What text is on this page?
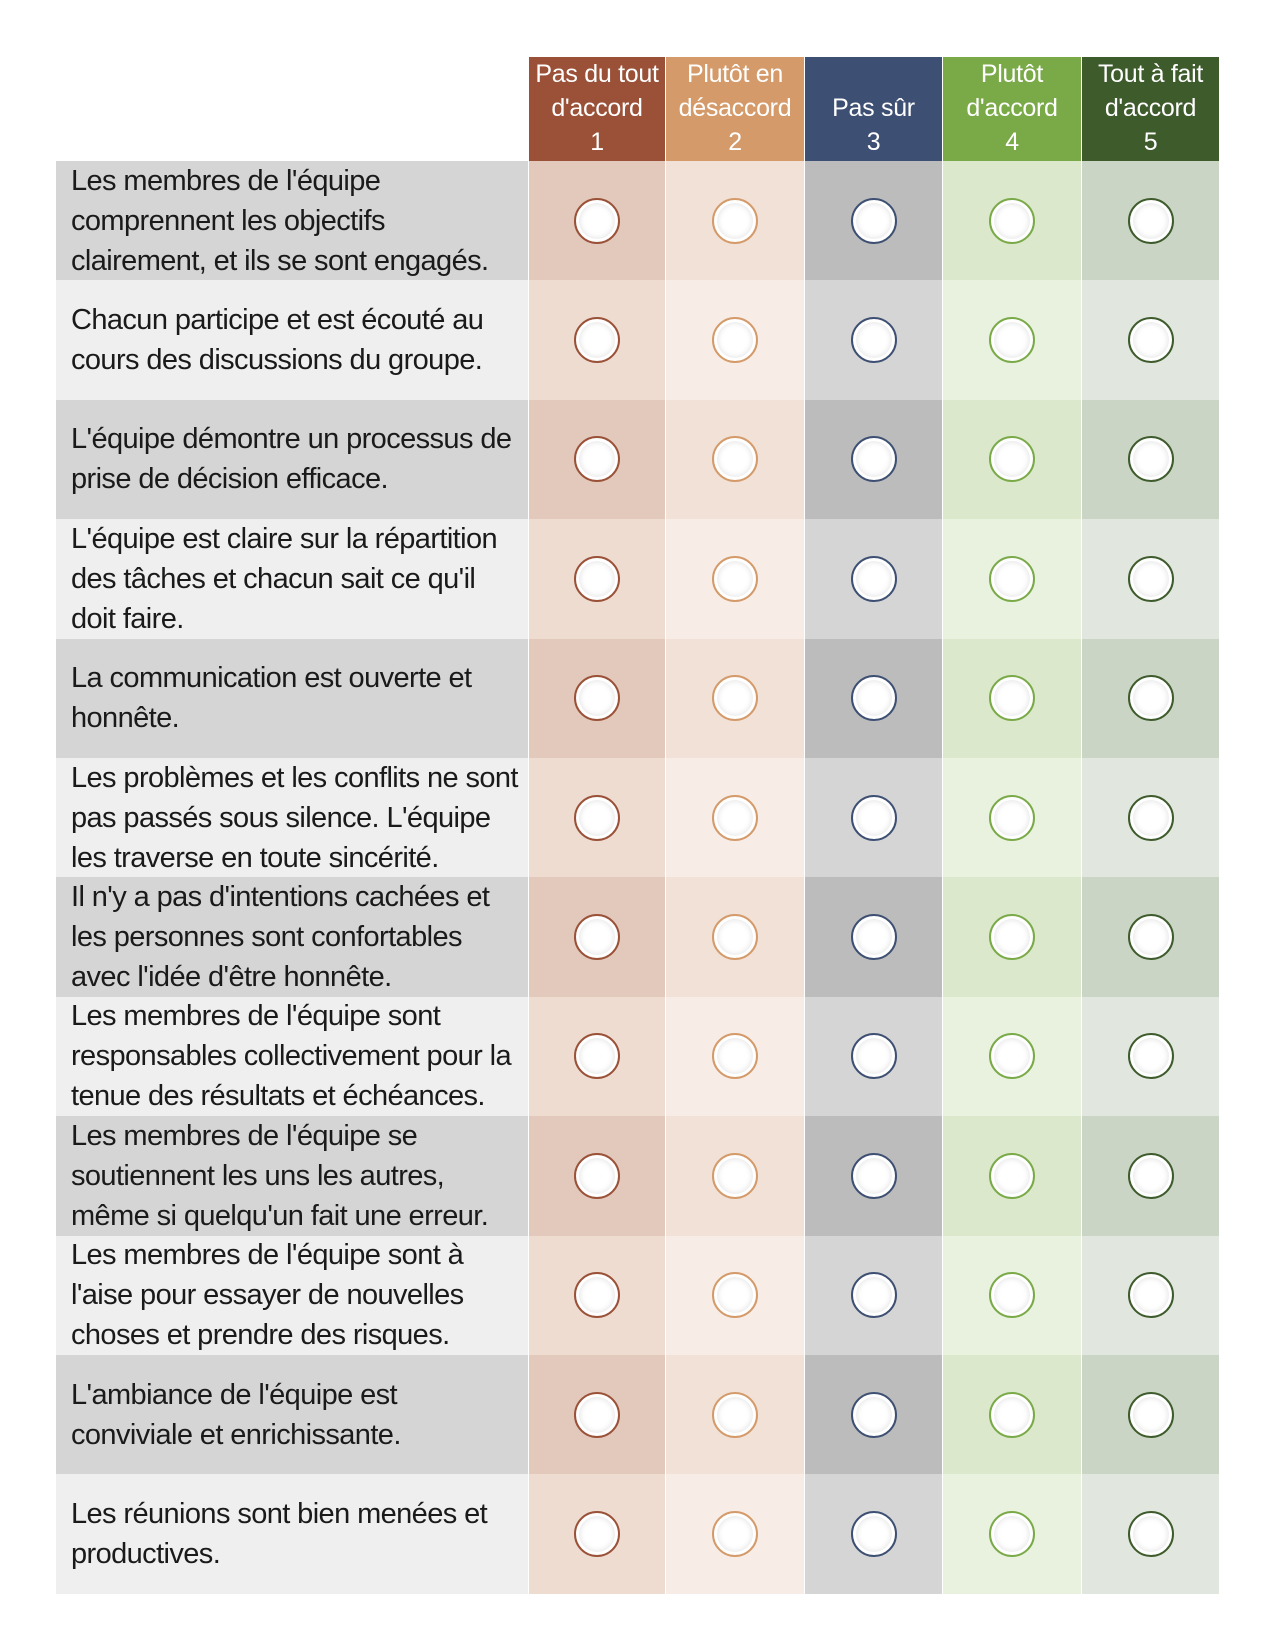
Pas du tout
d'accord
1
Plutôt en
désaccord
2
Pas sûr
3
Plutôt
d'accord
4
Tout à fait
d'accord
5
Les membres de l'équipe comprennent les objectifs clairement, et ils se sont engagés.
Chacun participe et est écouté au cours des discussions du groupe.
L'équipe démontre un processus de prise de décision efficace.
L'équipe est claire sur la répartition des tâches et chacun sait ce qu'il doit faire.
La communication est ouverte et honnête.
Les problèmes et les conflits ne sont pas passés sous silence. L'équipe les traverse en toute sincérité.
Il n'y a pas d'intentions cachées et les personnes sont confortables avec l'idée d'être honnête.
Les membres de l'équipe sont responsables collectivement pour la tenue des résultats et échéances.
Les membres de l'équipe se soutiennent les uns les autres, même si quelqu'un fait une erreur.
Les membres de l'équipe sont à l'aise pour essayer de nouvelles choses et prendre des risques.
L'ambiance de l'équipe est conviviale et enrichissante.
Les réunions sont bien menées et productives.
